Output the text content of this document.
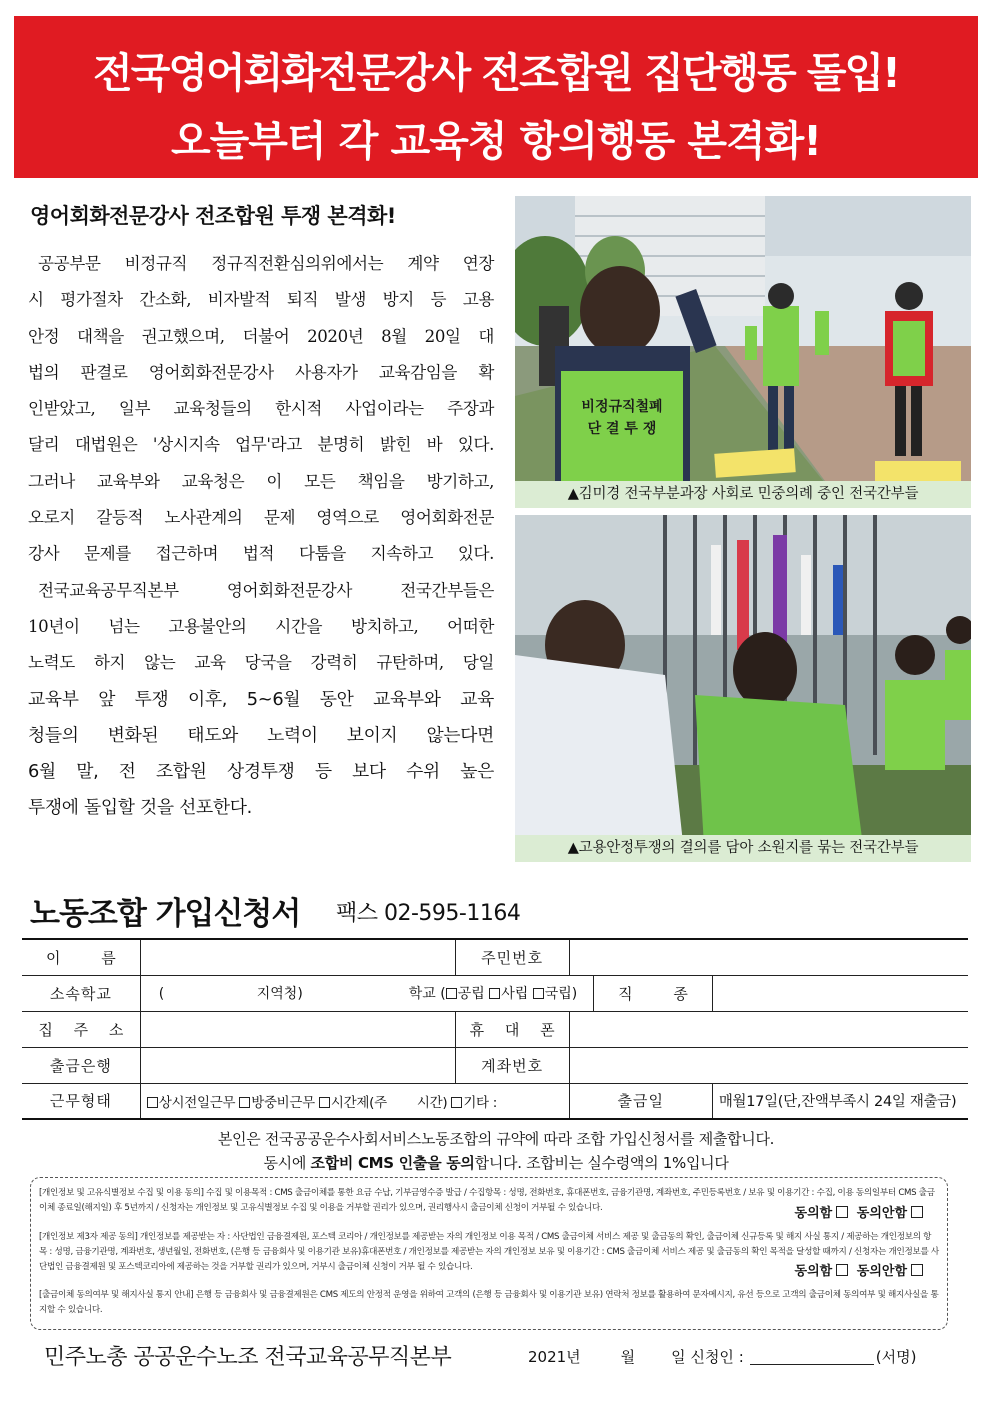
전국영어회화전문강사 전조합원 집단행동 돌입!
오늘부터 각 교육청 항의행동 본격화!
영어회화전문강사 전조합원 투쟁 본격화!
공공부문 비정규직 정규직전환심의위에서는 계약 연장
시 평가절차 간소화, 비자발적 퇴직 발생 방지 등 고용
안정 대책을 권고했으며, 더불어 2020년 8월 20일 대
법의 판결로 영어회화전문강사 사용자가 교육감임을 확
인받았고, 일부 교육청들의 한시적 사업이라는 주장과
달리 대법원은 '상시지속 업무'라고 분명히 밝힌 바 있다.
그러나 교육부와 교육청은 이 모든 책임을 방기하고,
오로지 갈등적 노사관계의 문제 영역으로 영어회화전문
강사 문제를 접근하며 법적 다툼을 지속하고 있다.
전국교육공무직본부 영어회화전문강사 전국간부들은
10년이 넘는 고용불안의 시간을 방치하고, 어떠한
노력도 하지 않는 교육 당국을 강력히 규탄하며, 당일
교육부 앞 투쟁 이후, 5~6월 동안 교육부와 교육
청들의 변화된 태도와 노력이 보이지 않는다면
6월 말, 전 조합원 상경투쟁 등 보다 수위 높은
투쟁에 돌입할 것을 선포한다.
비정규직철폐
단 결 투 쟁
▲김미경 전국부분과장 사회로 민중의례 중인 전국간부들
▲고용안정투쟁의 결의를 담아 소원지를 묶는 전국간부들
노동조합 가입신청서 팩스 02-595-1164
이 름		주민번호			
소속학교	( 지역청) 학교 ( 공립 사립 국립)			직 종	
집 주 소		휴 대 폰			
출금은행		계좌번호			
근무형태	상시전일근무 방중비근무 시간제(주 시간) 기타 :		출금일		매월17일(단,잔액부족시 24일 재출금)
본인은 전국공공운수사회서비스노동조합의 규약에 따라 조합 가입신청서를 제출합니다.
동시에 조합비 CMS 인출을 동의합니다. 조합비는 실수령액의 1%입니다
[개인정보 및 고유식별정보 수집 및 이용 동의] 수집 및 이용목적 : CMS 출금이체를 통한 요금 수납, 기부금영수증 발급 / 수집항목 : 성명, 전화번호, 휴대폰번호, 금융기관명, 계좌번호, 주민등록번호 / 보유 및 이용기간 : 수집, 이용 동의일부터 CMS 출금이체 종료일(해지일) 후 5년까지 / 신청자는 개인정보 및 고유식별정보 수집 및 이용을 거부할 권리가 있으며, 권리행사시 출금이체 신청이 거부될 수 있습니다.	동의함 동의안함
[개인정보 제3자 제공 동의] 개인정보를 제공받는 자 : 사단법인 금융결제원, 포스텍 코리아 / 개인정보를 제공받는 자의 개인정보 이용 목적 / CMS 출금이체 서비스 제공 및 출금동의 확인, 출금이체 신규등록 및 해지 사실 통지 / 제공하는 개인정보의 항목 : 성명, 금융기관명, 계좌번호, 생년월일, 전화번호, (은행 등 금융회사 및 이용기관 보유)휴대폰번호 / 개인정보를 제공받는 자의 개인정보 보유 및 이용기간 : CMS 출금이체 서비스 제공 및 출금동의 확인 목적을 달성할 때까지 / 신청자는 개인정보를 사단법인 금융결제원 및 포스텍코리아에 제공하는 것을 거부할 권리가 있으며, 거부시 출금이체 신청이 거부 될 수 있습니다.	동의함 동의안함
[출금이체 동의여부 및 해지사실 통지 안내] 은행 등 금융회사 및 금융결제원은 CMS 제도의 안정적 운영을 위하여 고객의 (은행 등 금융회사 및 이용기관 보유) 연락처 정보를 활용하여 문자메시지, 유선 등으로 고객의 출금이체 동의여부 및 해지사실을 통지할 수 있습니다.
민주노총 공공운수노조 전국교육공무직본부	2021년	월 일 신청인 :	(서명)
